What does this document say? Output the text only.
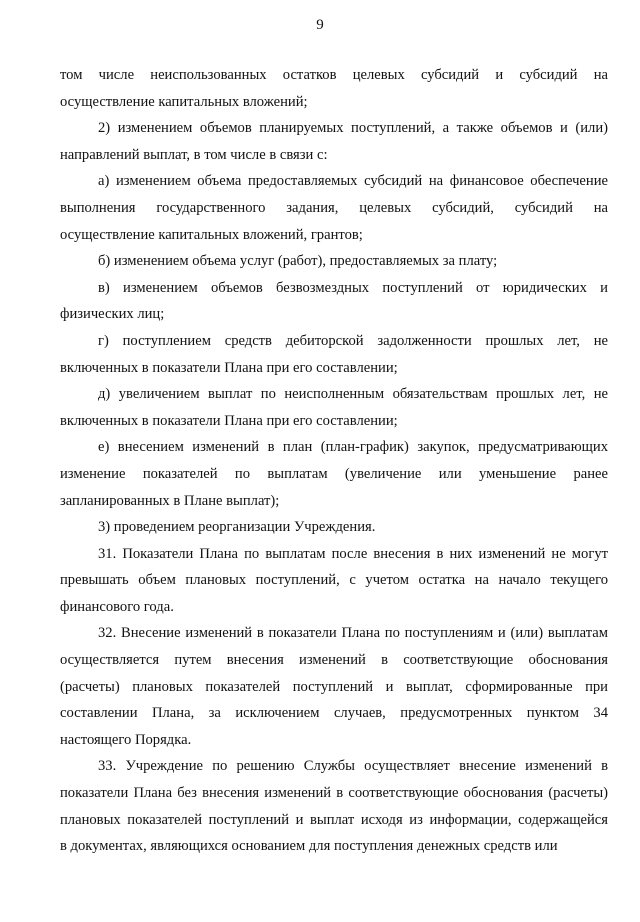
9
том числе неиспользованных остатков целевых субсидий и субсидий на
осуществление капитальных вложений;
2) изменением объемов планируемых поступлений, а также объемов и (или)
направлений выплат, в том числе в связи с:
а) изменением объема предоставляемых субсидий на финансовое обеспечение
выполнения государственного задания, целевых субсидий, субсидий на
осуществление капитальных вложений, грантов;
б) изменением объема услуг (работ), предоставляемых за плату;
в) изменением объемов безвозмездных поступлений от юридических и
физических лиц;
г) поступлением средств дебиторской задолженности прошлых лет, не
включенных в показатели Плана при его составлении;
д) увеличением выплат по неисполненным обязательствам прошлых лет, не
включенных в показатели Плана при его составлении;
е) внесением изменений в план (план-график) закупок, предусматривающих
изменение показателей по выплатам (увеличение или уменьшение ранее
запланированных в Плане выплат);
3) проведением реорганизации Учреждения.
31. Показатели Плана по выплатам после внесения в них изменений не могут
превышать объем плановых поступлений, с учетом остатка на начало текущего
финансового года.
32. Внесение изменений в показатели Плана по поступлениям и (или) выплатам
осуществляется путем внесения изменений в соответствующие обоснования
(расчеты) плановых показателей поступлений и выплат, сформированные при
составлении Плана, за исключением случаев, предусмотренных пунктом 34
настоящего Порядка.
33. Учреждение по решению Службы осуществляет внесение изменений в
показатели Плана без внесения изменений в соответствующие обоснования (расчеты)
плановых показателей поступлений и выплат исходя из информации, содержащейся
в документах, являющихся основанием для поступления денежных средств или
